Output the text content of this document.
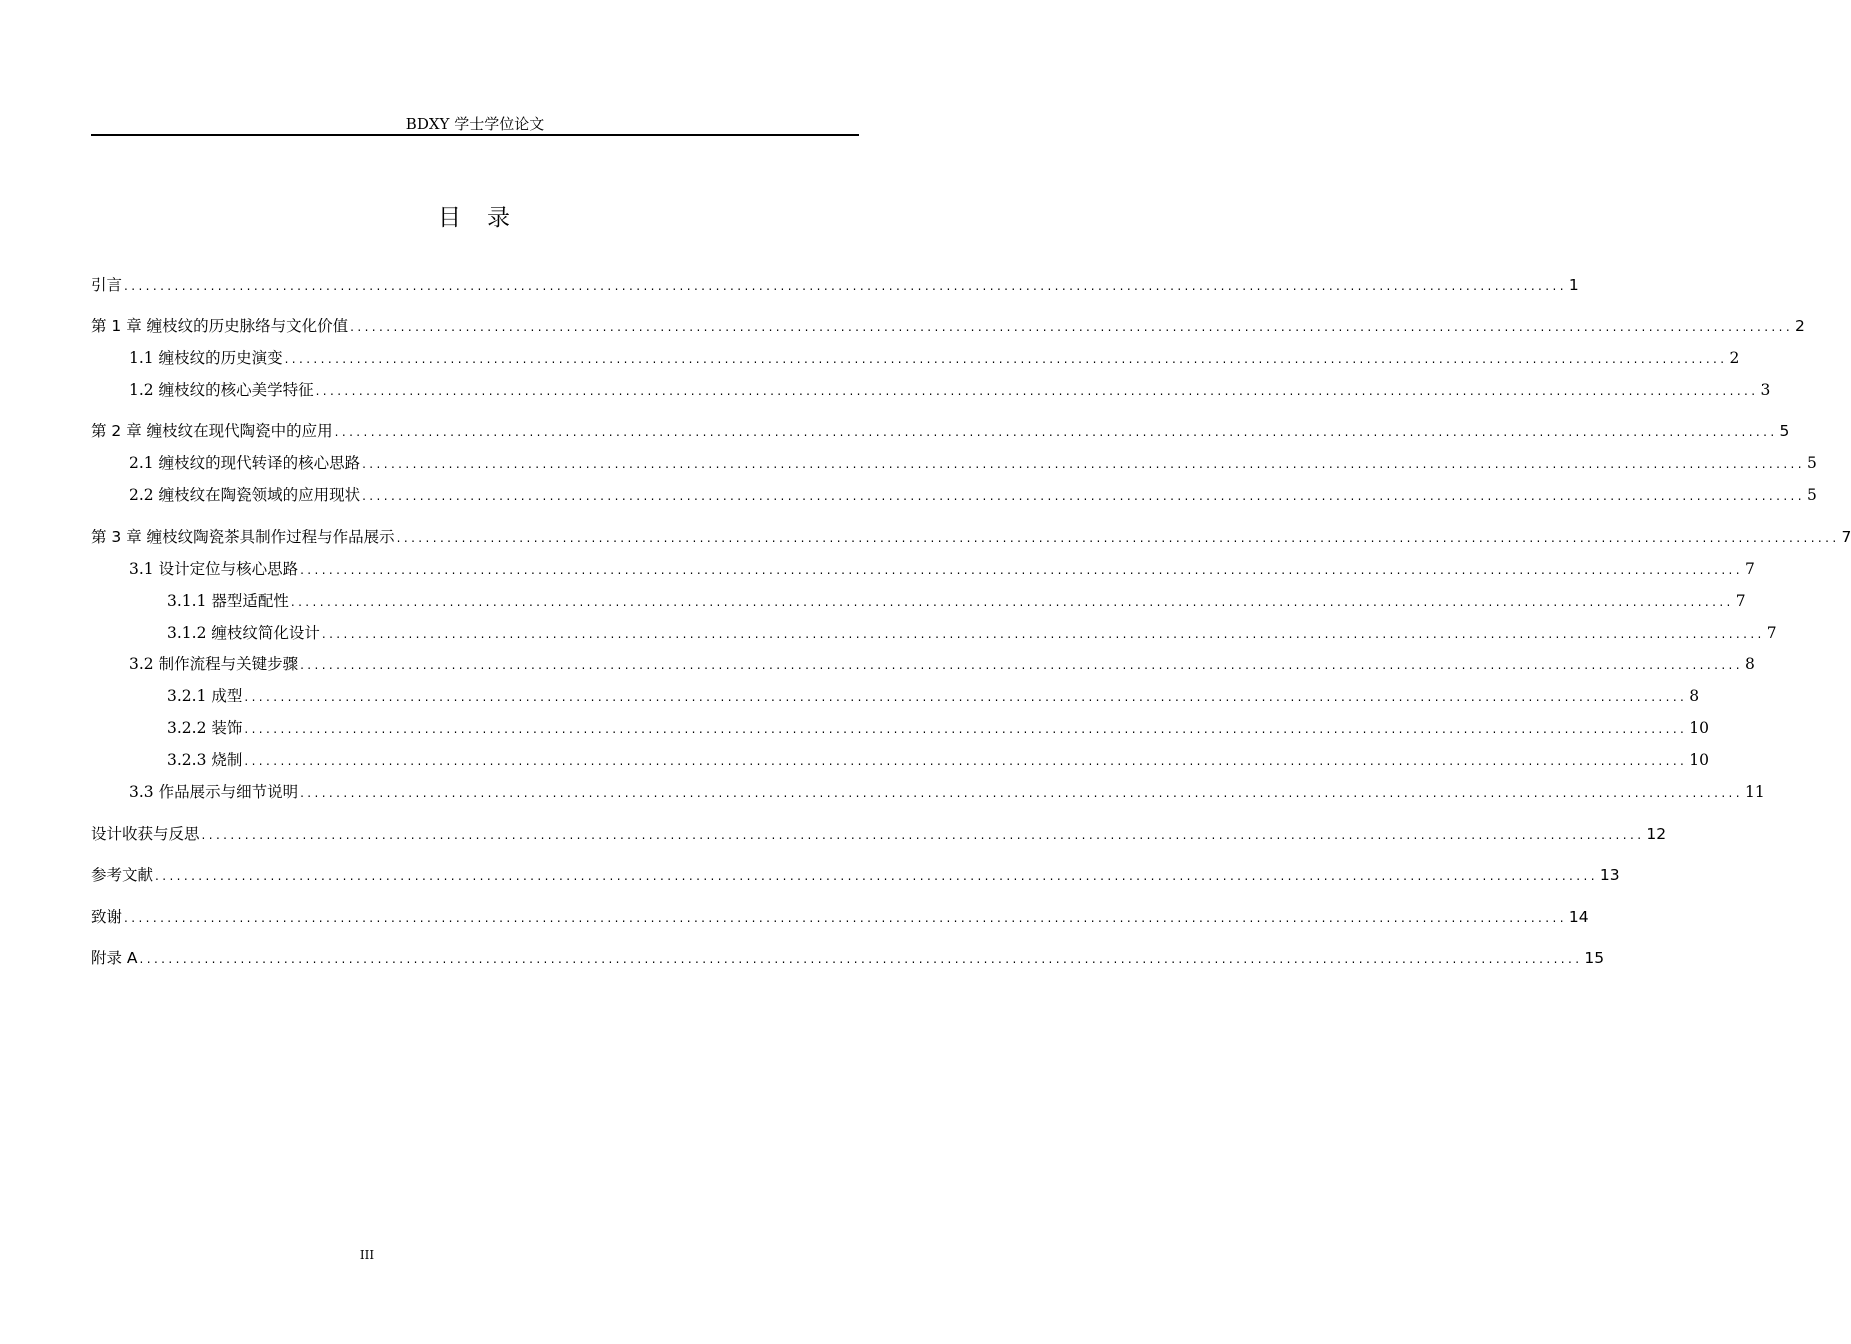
BDXY 学士学位论文
目 录
引言 ........................................................................................................................................................................................................ 1
第 1 章 缠枝纹的历史脉络与文化价值 ........................................................................................................................................................................................................ 2
1.1 缠枝纹的历史演变 ........................................................................................................................................................................................................ 2
1.2 缠枝纹的核心美学特征 ........................................................................................................................................................................................................ 3
第 2 章 缠枝纹在现代陶瓷中的应用 ........................................................................................................................................................................................................ 5
2.1 缠枝纹的现代转译的核心思路 ........................................................................................................................................................................................................ 5
2.2 缠枝纹在陶瓷领域的应用现状 ........................................................................................................................................................................................................ 5
第 3 章 缠枝纹陶瓷茶具制作过程与作品展示 ........................................................................................................................................................................................................ 7
3.1 设计定位与核心思路 ........................................................................................................................................................................................................ 7
3.1.1 器型适配性 ........................................................................................................................................................................................................ 7
3.1.2 缠枝纹简化设计 ........................................................................................................................................................................................................ 7
3.2 制作流程与关键步骤 ........................................................................................................................................................................................................ 8
3.2.1 成型 ........................................................................................................................................................................................................ 8
3.2.2 装饰 ........................................................................................................................................................................................................ 10
3.2.3 烧制 ........................................................................................................................................................................................................ 10
3.3 作品展示与细节说明 ........................................................................................................................................................................................................ 11
设计收获与反思 ........................................................................................................................................................................................................ 12
参考文献 ........................................................................................................................................................................................................ 13
致谢 ........................................................................................................................................................................................................ 14
附录 A ........................................................................................................................................................................................................ 15
III
